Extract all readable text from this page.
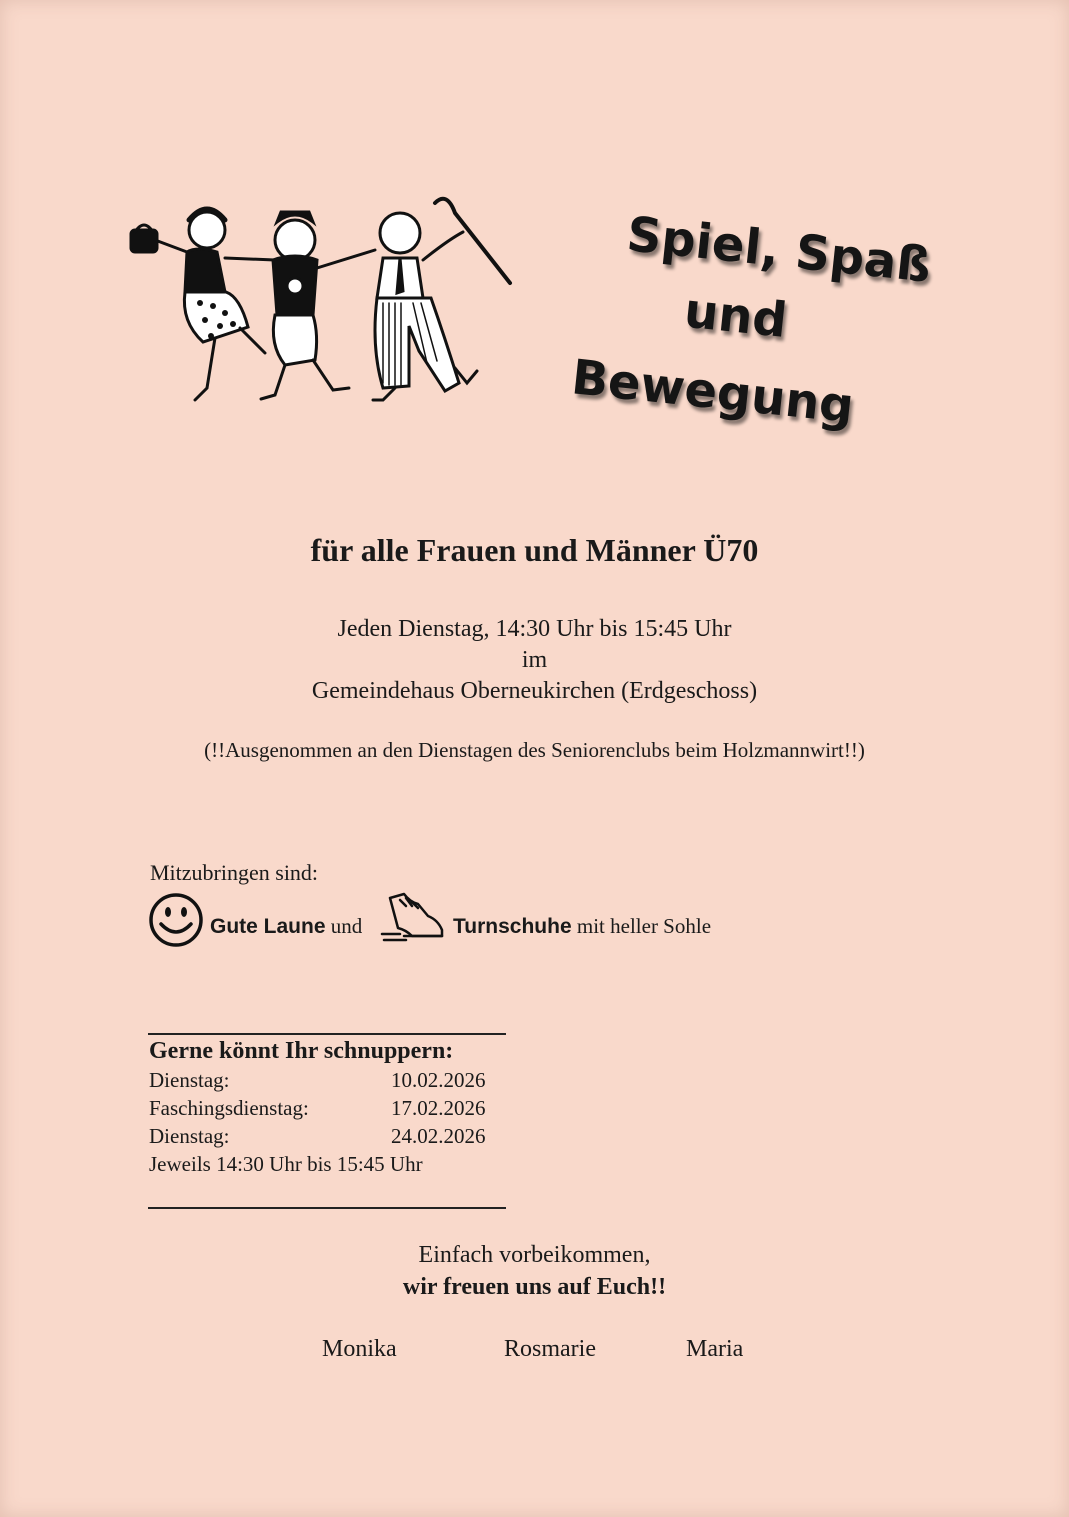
Spiel, Spaß
und
Bewegung
für alle Frauen und Männer Ü70
Jeden Dienstag, 14:30 Uhr bis 15:45 Uhr
im
Gemeindehaus Oberneukirchen (Erdgeschoss)
(!!Ausgenommen an den Dienstagen des Seniorenclubs beim Holzmannwirt!!)
Mitzubringen sind:
Gute Laune und	Turnschuhe mit heller Sohle
Gerne könnt Ihr schnuppern:
Dienstag:	10.02.2026
Faschingsdienstag:	17.02.2026
Dienstag:	24.02.2026
Jeweils 14:30 Uhr bis 15:45 Uhr
Einfach vorbeikommen,
wir freuen uns auf Euch!!
Monika	Rosmarie	Maria
